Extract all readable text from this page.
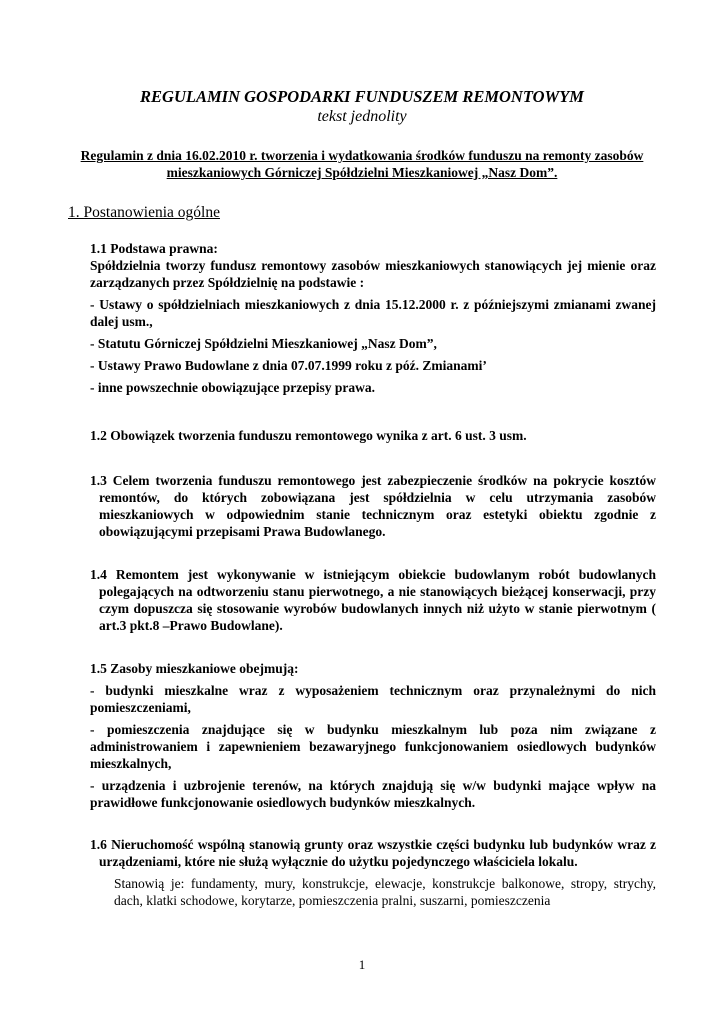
REGULAMIN GOSPODARKI FUNDUSZEM REMONTOWYM
tekst jednolity
Regulamin z dnia 16.02.2010 r. tworzenia i wydatkowania środków funduszu na remonty zasobów mieszkaniowych Górniczej Spółdzielni Mieszkaniowej „Nasz Dom”.
1. Postanowienia ogólne

1.1 Podstawa prawna:

Spółdzielnia tworzy fundusz remontowy zasobów mieszkaniowych stanowiących jej mienie oraz zarządzanych przez Spółdzielnię na podstawie :

- Ustawy o spółdzielniach mieszkaniowych z dnia 15.12.2000 r. z późniejszymi zmianami zwanej dalej usm.,

- Statutu Górniczej Spółdzielni Mieszkaniowej „Nasz Dom”,

- Ustawy Prawo Budowlane z dnia 07.07.1999 roku z póź. Zmianami’

- inne powszechnie obowiązujące przepisy prawa.

1.2 Obowiązek tworzenia funduszu remontowego wynika z art. 6 ust. 3 usm.

1.3 Celem tworzenia funduszu remontowego jest zabezpieczenie środków na pokrycie kosztów remontów, do których zobowiązana jest spółdzielnia w celu utrzymania zasobów mieszkaniowych w odpowiednim stanie technicznym oraz estetyki obiektu zgodnie z obowiązującymi przepisami Prawa Budowlanego.

1.4 Remontem jest wykonywanie w istniejącym obiekcie budowlanym robót budowlanych polegających na odtworzeniu stanu pierwotnego, a nie stanowiących bieżącej konserwacji, przy czym dopuszcza się stosowanie wyrobów budowlanych innych niż użyto w stanie pierwotnym ( art.3 pkt.8 –Prawo Budowlane).

1.5 Zasoby mieszkaniowe obejmują:

- budynki mieszkalne wraz z wyposażeniem technicznym oraz przynależnymi do nich pomieszczeniami,

- pomieszczenia znajdujące się w budynku mieszkalnym lub poza nim związane z administrowaniem i zapewnieniem bezawaryjnego funkcjonowaniem osiedlowych budynków mieszkalnych,

- urządzenia i uzbrojenie terenów, na których znajdują się w/w budynki mające wpływ na prawidłowe funkcjonowanie osiedlowych budynków mieszkalnych.

1.6 Nieruchomość wspólną stanowią grunty oraz wszystkie części budynku lub budynków wraz z urządzeniami, które nie służą wyłącznie do użytku pojedynczego właściciela lokalu.

Stanowią je: fundamenty, mury, konstrukcje, elewacje, konstrukcje balkonowe, stropy, strychy, dach, klatki schodowe, korytarze, pomieszczenia pralni, suszarni, pomieszczenia

1
